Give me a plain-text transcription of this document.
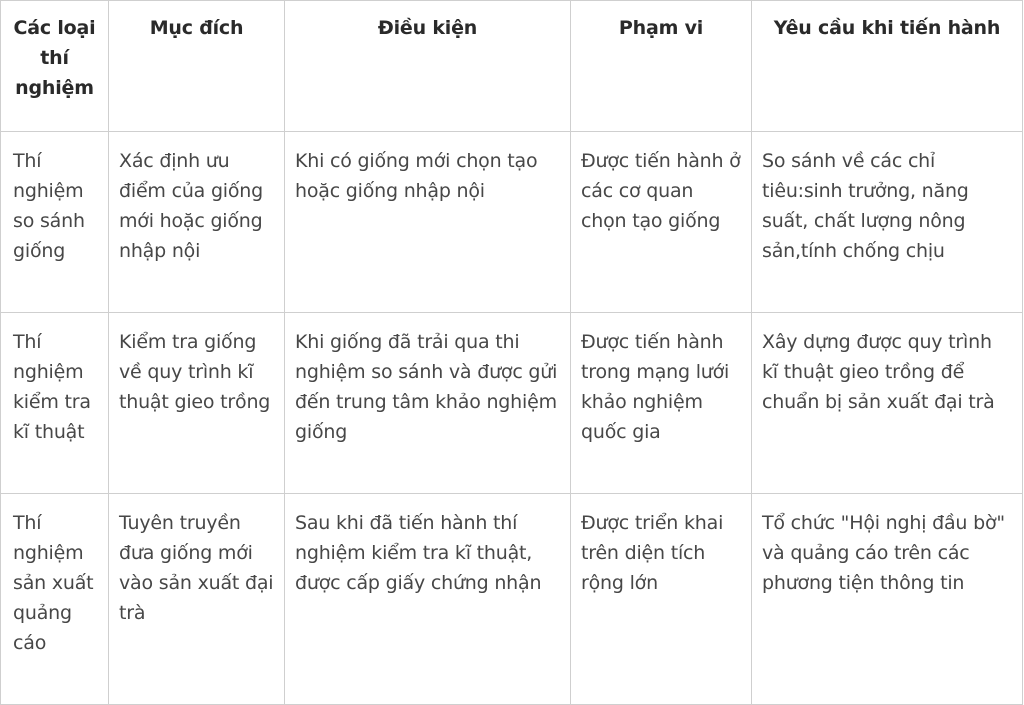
Các loại thí nghiệm	Mục đích	Điều kiện	Phạm vi	Yêu cầu khi tiến hành
Thí nghiệm so sánh giống	Xác định ưu điểm của giống mới hoặc giống nhập nội	Khi có giống mới chọn tạo hoặc giống nhập nội	Được tiến hành ở các cơ quan chọn tạo giống	So sánh về các chỉ tiêu:sinh trưởng, năng suất, chất lượng nông sản,tính chống chịu
Thí nghiệm kiểm tra kĩ thuật	Kiểm tra giống về quy trình kĩ thuật gieo trồng	Khi giống đã trải qua thi nghiệm so sánh và được gửi đến trung tâm khảo nghiệm giống	Được tiến hành trong mạng lưới khảo nghiệm quốc gia	Xây dựng được quy trình kĩ thuật gieo trồng để chuẩn bị sản xuất đại trà
Thí nghiệm sản xuất quảng cáo	Tuyên truyền đưa giống mới vào sản xuất đại trà	Sau khi đã tiến hành thí nghiệm kiểm tra kĩ thuật, được cấp giấy chứng nhận	Được triển khai trên diện tích rộng lớn	Tổ chức "Hội nghị đầu bờ" và quảng cáo trên các phương tiện thông tin
